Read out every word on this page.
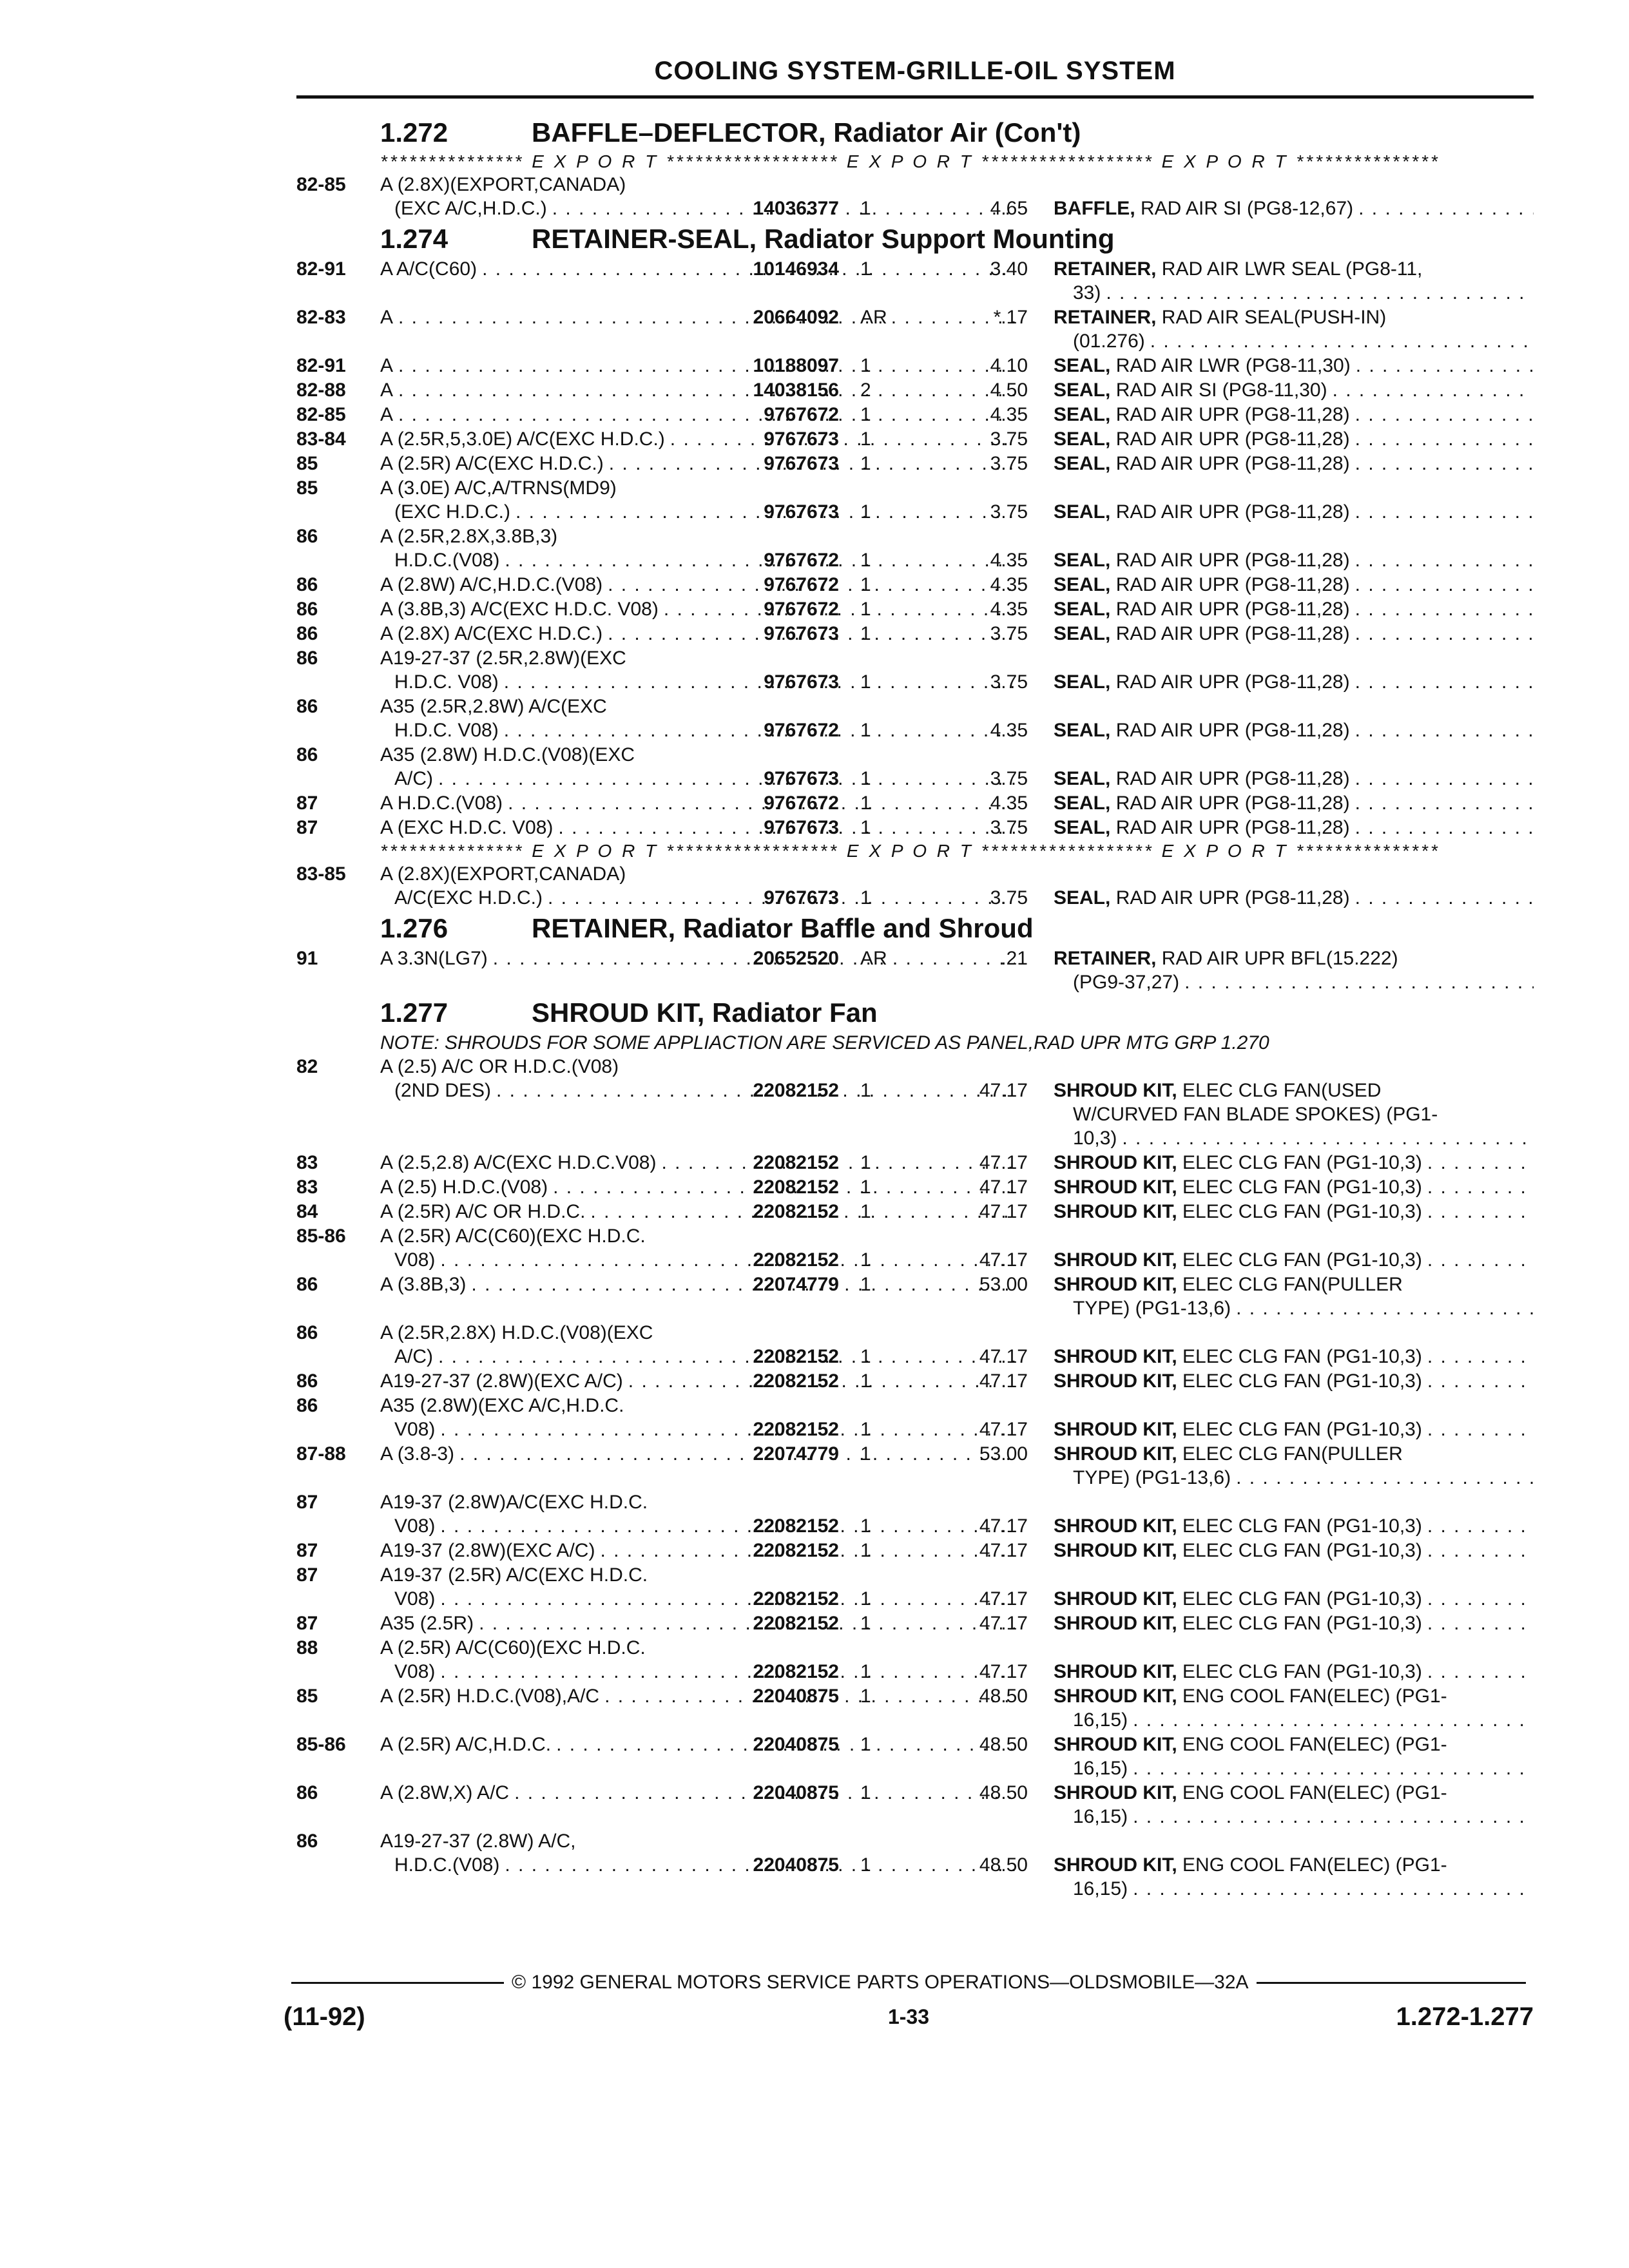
COOLING SYSTEM-GRILLE-OIL SYSTEM
1.272	BAFFLE–DEFLECTOR, Radiator Air (Con't)
*************** E X P O R T ****************** E X P O R T ****************** E X P O R T ***************
82-85	A (2.8X)(EXPORT,CANADA)
(EXC A/C,H.D.C.) . . .	14036377 1	4.65 BAFFLE, RAD AIR SI (PG8-12,67)
. . .
1.274	RETAINER-SEAL, Radiator Support Mounting
82-91	A A/C(C60) . . .	10146934 1	3.40 RETAINER, RAD AIR LWR SEAL (PG8-11,
33)
. . .
82-83	A . . .	20664092 AR	*.17 RETAINER, RAD AIR SEAL(PUSH-IN)
(01.276)
. . .
82-91	A . . .	10188097 1	4.10 SEAL, RAD AIR LWR (PG8-11,30)
. . .
82-88	A . . .	14038156 2	4.50 SEAL, RAD AIR SI (PG8-11,30)
. . .
82-85	A . . .	9767672 1	4.35 SEAL, RAD AIR UPR (PG8-11,28)
. . .
83-84	A (2.5R,5,3.0E) A/C(EXC H.D.C.) . . .	9767673 1	3.75 SEAL, RAD AIR UPR (PG8-11,28)
. . .
85	A (2.5R) A/C(EXC H.D.C.) . . .	9767673 1	3.75 SEAL, RAD AIR UPR (PG8-11,28)
. . .
85	A (3.0E) A/C,A/TRNS(MD9)
(EXC H.D.C.) . . .	9767673 1	3.75 SEAL, RAD AIR UPR (PG8-11,28)
. . .
86	A (2.5R,2.8X,3.8B,3)
H.D.C.(V08) . . .	9767672 1	4.35 SEAL, RAD AIR UPR (PG8-11,28)
. . .
86	A (2.8W) A/C,H.D.C.(V08) . . .	9767672 1	4.35 SEAL, RAD AIR UPR (PG8-11,28)
. . .
86	A (3.8B,3) A/C(EXC H.D.C. V08) . . .	9767672 1	4.35 SEAL, RAD AIR UPR (PG8-11,28)
. . .
86	A (2.8X) A/C(EXC H.D.C.) . . .	9767673 1	3.75 SEAL, RAD AIR UPR (PG8-11,28)
. . .
86	A19-27-37 (2.5R,2.8W)(EXC
H.D.C. V08) . . .	9767673 1	3.75 SEAL, RAD AIR UPR (PG8-11,28)
. . .
86	A35 (2.5R,2.8W) A/C(EXC
H.D.C. V08) . . .	9767672 1	4.35 SEAL, RAD AIR UPR (PG8-11,28)
. . .
86	A35 (2.8W) H.D.C.(V08)(EXC
A/C) . . .	9767673 1	3.75 SEAL, RAD AIR UPR (PG8-11,28)
. . .
87	A H.D.C.(V08) . . .	9767672 1	4.35 SEAL, RAD AIR UPR (PG8-11,28)
. . .
87	A (EXC H.D.C. V08) . . .	9767673 1	3.75 SEAL, RAD AIR UPR (PG8-11,28)
. . .
*************** E X P O R T ****************** E X P O R T ****************** E X P O R T ***************
83-85	A (2.8X)(EXPORT,CANADA)
A/C(EXC H.D.C.) . . .	9767673 1	3.75 SEAL, RAD AIR UPR (PG8-11,28)
. . .
1.276	RETAINER, Radiator Baffle and Shroud
91	A 3.3N(LG7) . . .	20652520 AR	.21 RETAINER, RAD AIR UPR BFL(15.222)
(PG9-37,27)
. . .
1.277	SHROUD KIT, Radiator Fan
NOTE: SHROUDS FOR SOME APPLIACTION ARE SERVICED AS PANEL,RAD UPR MTG GRP 1.270
82	A (2.5) A/C OR H.D.C.(V08)
(2ND DES) . . .	22082152 1	47.17 SHROUD KIT, ELEC CLG FAN(USED
W/CURVED FAN BLADE SPOKES) (PG1-
10,3)
. . .
83	A (2.5,2.8) A/C(EXC H.D.C.V08) . . .	22082152 1	47.17 SHROUD KIT, ELEC CLG FAN (PG1-10,3)
. . .
83	A (2.5) H.D.C.(V08) . . .	22082152 1	47.17 SHROUD KIT, ELEC CLG FAN (PG1-10,3)
. . .
84	A (2.5R) A/C OR H.D.C. . . .	22082152 1	47.17 SHROUD KIT, ELEC CLG FAN (PG1-10,3)
. . .
85-86	A (2.5R) A/C(C60)(EXC H.D.C.
V08) . . .	22082152 1	47.17 SHROUD KIT, ELEC CLG FAN (PG1-10,3)
. . .
86	A (3.8B,3) . . .	22074779 1	53.00 SHROUD KIT, ELEC CLG FAN(PULLER
TYPE) (PG1-13,6)
. . .
86	A (2.5R,2.8X) H.D.C.(V08)(EXC
A/C) . . .	22082152 1	47.17 SHROUD KIT, ELEC CLG FAN (PG1-10,3)
. . .
86	A19-27-37 (2.8W)(EXC A/C) . . .	22082152 1	47.17 SHROUD KIT, ELEC CLG FAN (PG1-10,3)
. . .
86	A35 (2.8W)(EXC A/C,H.D.C.
V08) . . .	22082152 1	47.17 SHROUD KIT, ELEC CLG FAN (PG1-10,3)
. . .
87-88	A (3.8-3) . . .	22074779 1	53.00 SHROUD KIT, ELEC CLG FAN(PULLER
TYPE) (PG1-13,6)
. . .
87	A19-37 (2.8W)A/C(EXC H.D.C.
V08) . . .	22082152 1	47.17 SHROUD KIT, ELEC CLG FAN (PG1-10,3)
. . .
87	A19-37 (2.8W)(EXC A/C) . . .	22082152 1	47.17 SHROUD KIT, ELEC CLG FAN (PG1-10,3)
. . .
87	A19-37 (2.5R) A/C(EXC H.D.C.
V08) . . .	22082152 1	47.17 SHROUD KIT, ELEC CLG FAN (PG1-10,3)
. . .
87	A35 (2.5R) . . .	22082152 1	47.17 SHROUD KIT, ELEC CLG FAN (PG1-10,3)
. . .
88	A (2.5R) A/C(C60)(EXC H.D.C.
V08) . . .	22082152 1	47.17 SHROUD KIT, ELEC CLG FAN (PG1-10,3)
. . .
85	A (2.5R) H.D.C.(V08),A/C . . .	22040875 1	48.50 SHROUD KIT, ENG COOL FAN(ELEC) (PG1-
16,15)
. . .
85-86	A (2.5R) A/C,H.D.C. . . .	22040875 1	48.50 SHROUD KIT, ENG COOL FAN(ELEC) (PG1-
16,15)
. . .
86	A (2.8W,X) A/C . . .	22040875 1	48.50 SHROUD KIT, ENG COOL FAN(ELEC) (PG1-
16,15)
. . .
86	A19-27-37 (2.8W) A/C,
H.D.C.(V08) . . .	22040875 1	48.50 SHROUD KIT, ENG COOL FAN(ELEC) (PG1-
16,15)
. . .
© 1992 GENERAL MOTORS SERVICE PARTS OPERATIONS—OLDSMOBILE—32A
(11-92)	1-33	1.272-1.277
